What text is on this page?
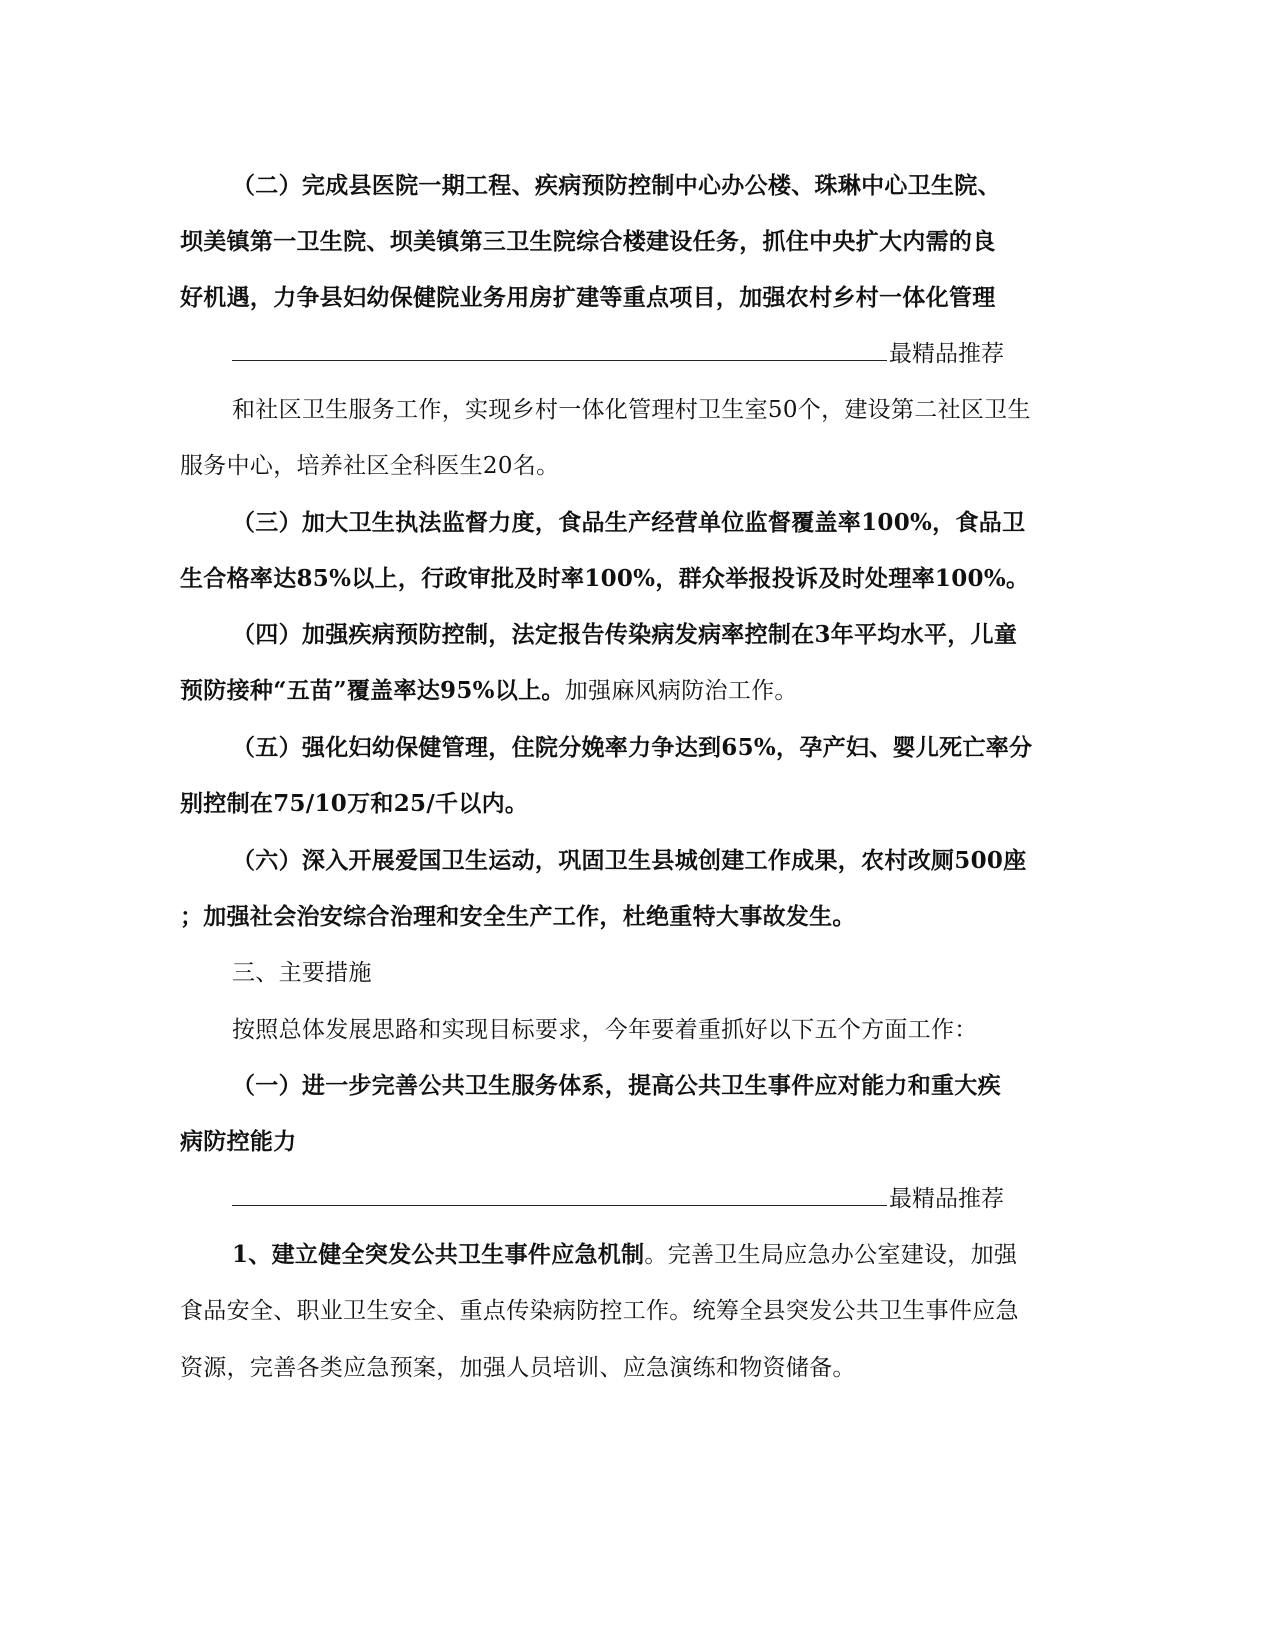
（二）完成县医院一期工程、疾病预防控制中心办公楼、珠琳中心卫生院、
坝美镇第一卫生院、坝美镇第三卫生院综合楼建设任务，抓住中央扩大内需的良
好机遇，力争县妇幼保健院业务用房扩建等重点项目，加强农村乡村一体化管理
最精品推荐
和社区卫生服务工作，实现乡村一体化管理村卫生室50个，建设第二社区卫生
服务中心，培养社区全科医生20名。
（三）加大卫生执法监督力度，食品生产经营单位监督覆盖率100%，食品卫
生合格率达85%以上，行政审批及时率100%，群众举报投诉及时处理率100%。
（四）加强疾病预防控制，法定报告传染病发病率控制在3年平均水平，儿童
预防接种“五苗”覆盖率达95%以上。加强麻风病防治工作。
（五）强化妇幼保健管理，住院分娩率力争达到65%，孕产妇、婴儿死亡率分
别控制在75/10万和25/千以内。
（六）深入开展爱国卫生运动，巩固卫生县城创建工作成果，农村改厕500座
；加强社会治安综合治理和安全生产工作，杜绝重特大事故发生。
三、主要措施
按照总体发展思路和实现目标要求，今年要着重抓好以下五个方面工作：
（一）进一步完善公共卫生服务体系，提高公共卫生事件应对能力和重大疾
病防控能力
最精品推荐
1、建立健全突发公共卫生事件应急机制。完善卫生局应急办公室建设，加强
食品安全、职业卫生安全、重点传染病防控工作。统筹全县突发公共卫生事件应急
资源，完善各类应急预案，加强人员培训、应急演练和物资储备。
